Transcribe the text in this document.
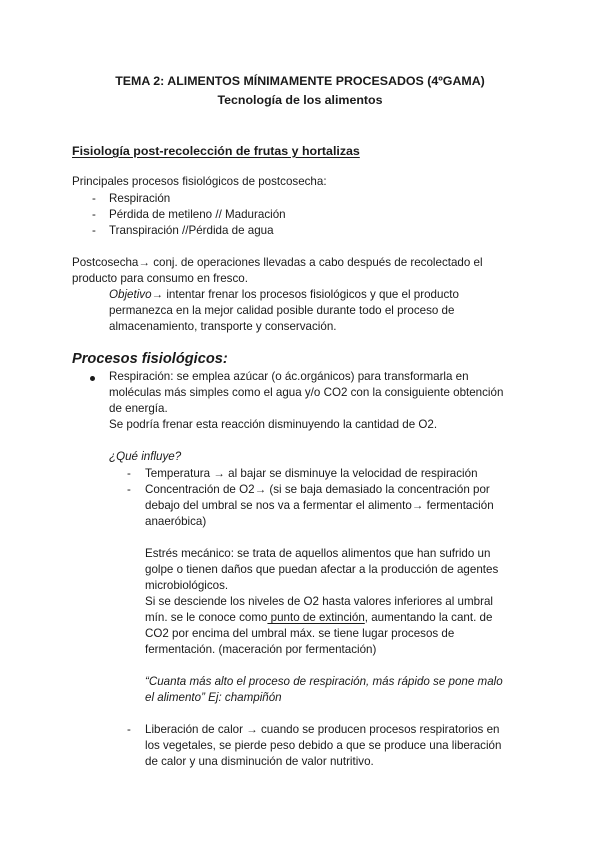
TEMA 2: ALIMENTOS MÍNIMAMENTE PROCESADOS (4ºGAMA)
Tecnología de los alimentos
Fisiología post-recolección de frutas y hortalizas
Principales procesos fisiológicos de postcosecha:
- Respiración
- Pérdida de metileno // Maduración
- Transpiración //Pérdida de agua
Postcosecha→ conj. de operaciones llevadas a cabo después de recolectado el
producto para consumo en fresco.
Objetivo→ intentar frenar los procesos fisiológicos y que el producto
permanezca en la mejor calidad posible durante todo el proceso de
almacenamiento, transporte y conservación.
Procesos fisiológicos:
Respiración: se emplea azúcar (o ác.orgánicos) para transformarla en
moléculas más simples como el agua y/o CO2 con la consiguiente obtención
de energía.
Se podría frenar esta reacción disminuyendo la cantidad de O2.
¿Qué influye?
- Temperatura → al bajar se disminuye la velocidad de respiración
- Concentración de O2→ (si se baja demasiado la concentración por
debajo del umbral se nos va a fermentar el alimento→ fermentación
anaeróbica)
Estrés mecánico: se trata de aquellos alimentos que han sufrido un
golpe o tienen daños que puedan afectar a la producción de agentes
microbiológicos.
Si se desciende los niveles de O2 hasta valores inferiores al umbral
mín. se le conoce como punto de extinción, aumentando la cant. de
CO2 por encima del umbral máx. se tiene lugar procesos de
fermentación. (maceración por fermentación)
“Cuanta más alto el proceso de respiración, más rápido se pone malo
el alimento” Ej: champiñón
- Liberación de calor → cuando se producen procesos respiratorios en
los vegetales, se pierde peso debido a que se produce una liberación
de calor y una disminución de valor nutritivo.
